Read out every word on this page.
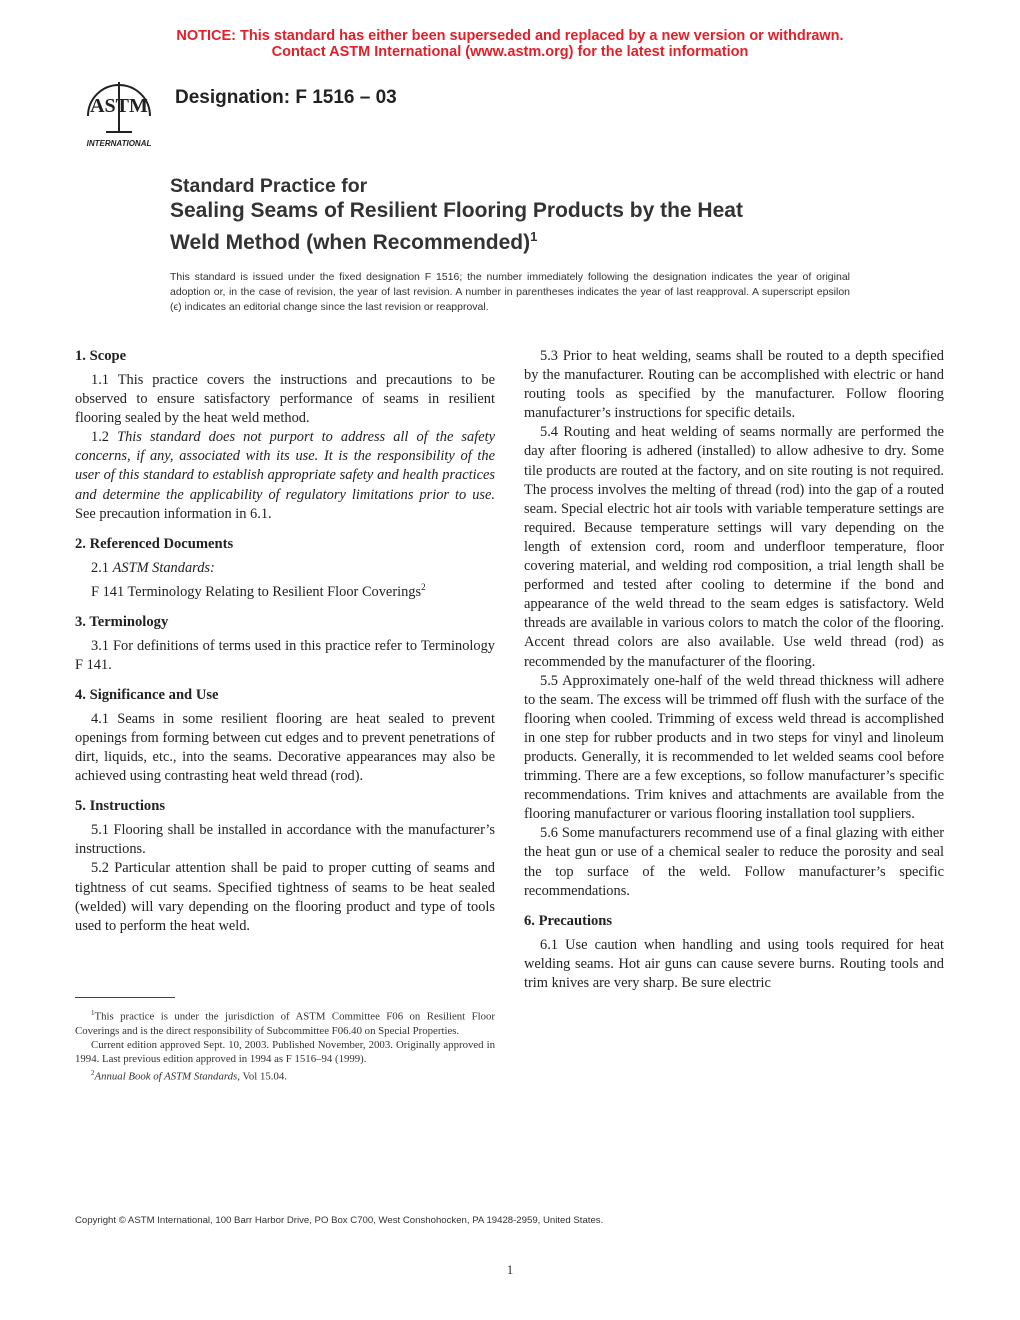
NOTICE: This standard has either been superseded and replaced by a new version or withdrawn.
Contact ASTM International (www.astm.org) for the latest information
ASTM
INTERNATIONAL
Designation: F 1516 – 03
Standard Practice for
Sealing Seams of Resilient Flooring Products by the Heat
Weld Method (when Recommended)$^1$
This standard is issued under the fixed designation F 1516; the number immediately following the designation indicates the year of original adoption or, in the case of revision, the year of last revision. A number in parentheses indicates the year of last reapproval. A superscript epsilon (ϵ) indicates an editorial change since the last revision or reapproval.
1. Scope

1.1 This practice covers the instructions and precautions to be observed to ensure satisfactory performance of seams in resilient flooring sealed by the heat weld method.

1.2 This standard does not purport to address all of the safety concerns, if any, associated with its use. It is the responsibility of the user of this standard to establish appropriate safety and health practices and determine the applicability of regulatory limitations prior to use. See precaution information in 6.1.

2. Referenced Documents

2.1 ASTM Standards:

F 141 Terminology Relating to Resilient Floor Coverings$^2$

3. Terminology

3.1 For definitions of terms used in this practice refer to Terminology F 141.

4. Significance and Use

4.1 Seams in some resilient flooring are heat sealed to prevent openings from forming between cut edges and to prevent penetrations of dirt, liquids, etc., into the seams. Decorative appearances may also be achieved using contrasting heat weld thread (rod).

5. Instructions

5.1 Flooring shall be installed in accordance with the manufacturer’s instructions.

5.2 Particular attention shall be paid to proper cutting of seams and tightness of cut seams. Specified tightness of seams to be heat sealed (welded) will vary depending on the flooring product and type of tools used to perform the heat weld.

5.3 Prior to heat welding, seams shall be routed to a depth specified by the manufacturer. Routing can be accomplished with electric or hand routing tools as specified by the manufacturer. Follow flooring manufacturer’s instructions for specific details.

5.4 Routing and heat welding of seams normally are performed the day after flooring is adhered (installed) to allow adhesive to dry. Some tile products are routed at the factory, and on site routing is not required. The process involves the melting of thread (rod) into the gap of a routed seam. Special electric hot air tools with variable temperature settings are required. Because temperature settings will vary depending on the length of extension cord, room and underfloor temperature, floor covering material, and welding rod composition, a trial length shall be performed and tested after cooling to determine if the bond and appearance of the weld thread to the seam edges is satisfactory. Weld threads are available in various colors to match the color of the flooring. Accent thread colors are also available. Use weld thread (rod) as recommended by the manufacturer of the flooring.

5.5 Approximately one-half of the weld thread thickness will adhere to the seam. The excess will be trimmed off flush with the surface of the flooring when cooled. Trimming of excess weld thread is accomplished in one step for rubber products and in two steps for vinyl and linoleum products. Generally, it is recommended to let welded seams cool before trimming. There are a few exceptions, so follow manufacturer’s specific recommendations. Trim knives and attachments are available from the flooring manufacturer or various flooring installation tool suppliers.

5.6 Some manufacturers recommend use of a final glazing with either the heat gun or use of a chemical sealer to reduce the porosity and seal the top surface of the weld. Follow manufacturer’s specific recommendations.

6. Precautions

6.1 Use caution when handling and using tools required for heat welding seams. Hot air guns can cause severe burns. Routing tools and trim knives are very sharp. Be sure electric

$^1$This practice is under the jurisdiction of ASTM Committee F06 on Resilient Floor Coverings and is the direct responsibility of Subcommittee F06.40 on Special Properties.

Current edition approved Sept. 10, 2003. Published November, 2003. Originally approved in 1994. Last previous edition approved in 1994 as F 1516–94 (1999).

$^2$Annual Book of ASTM Standards, Vol 15.04.

Copyright © ASTM International, 100 Barr Harbor Drive, PO Box C700, West Conshohocken, PA 19428-2959, United States.
1
